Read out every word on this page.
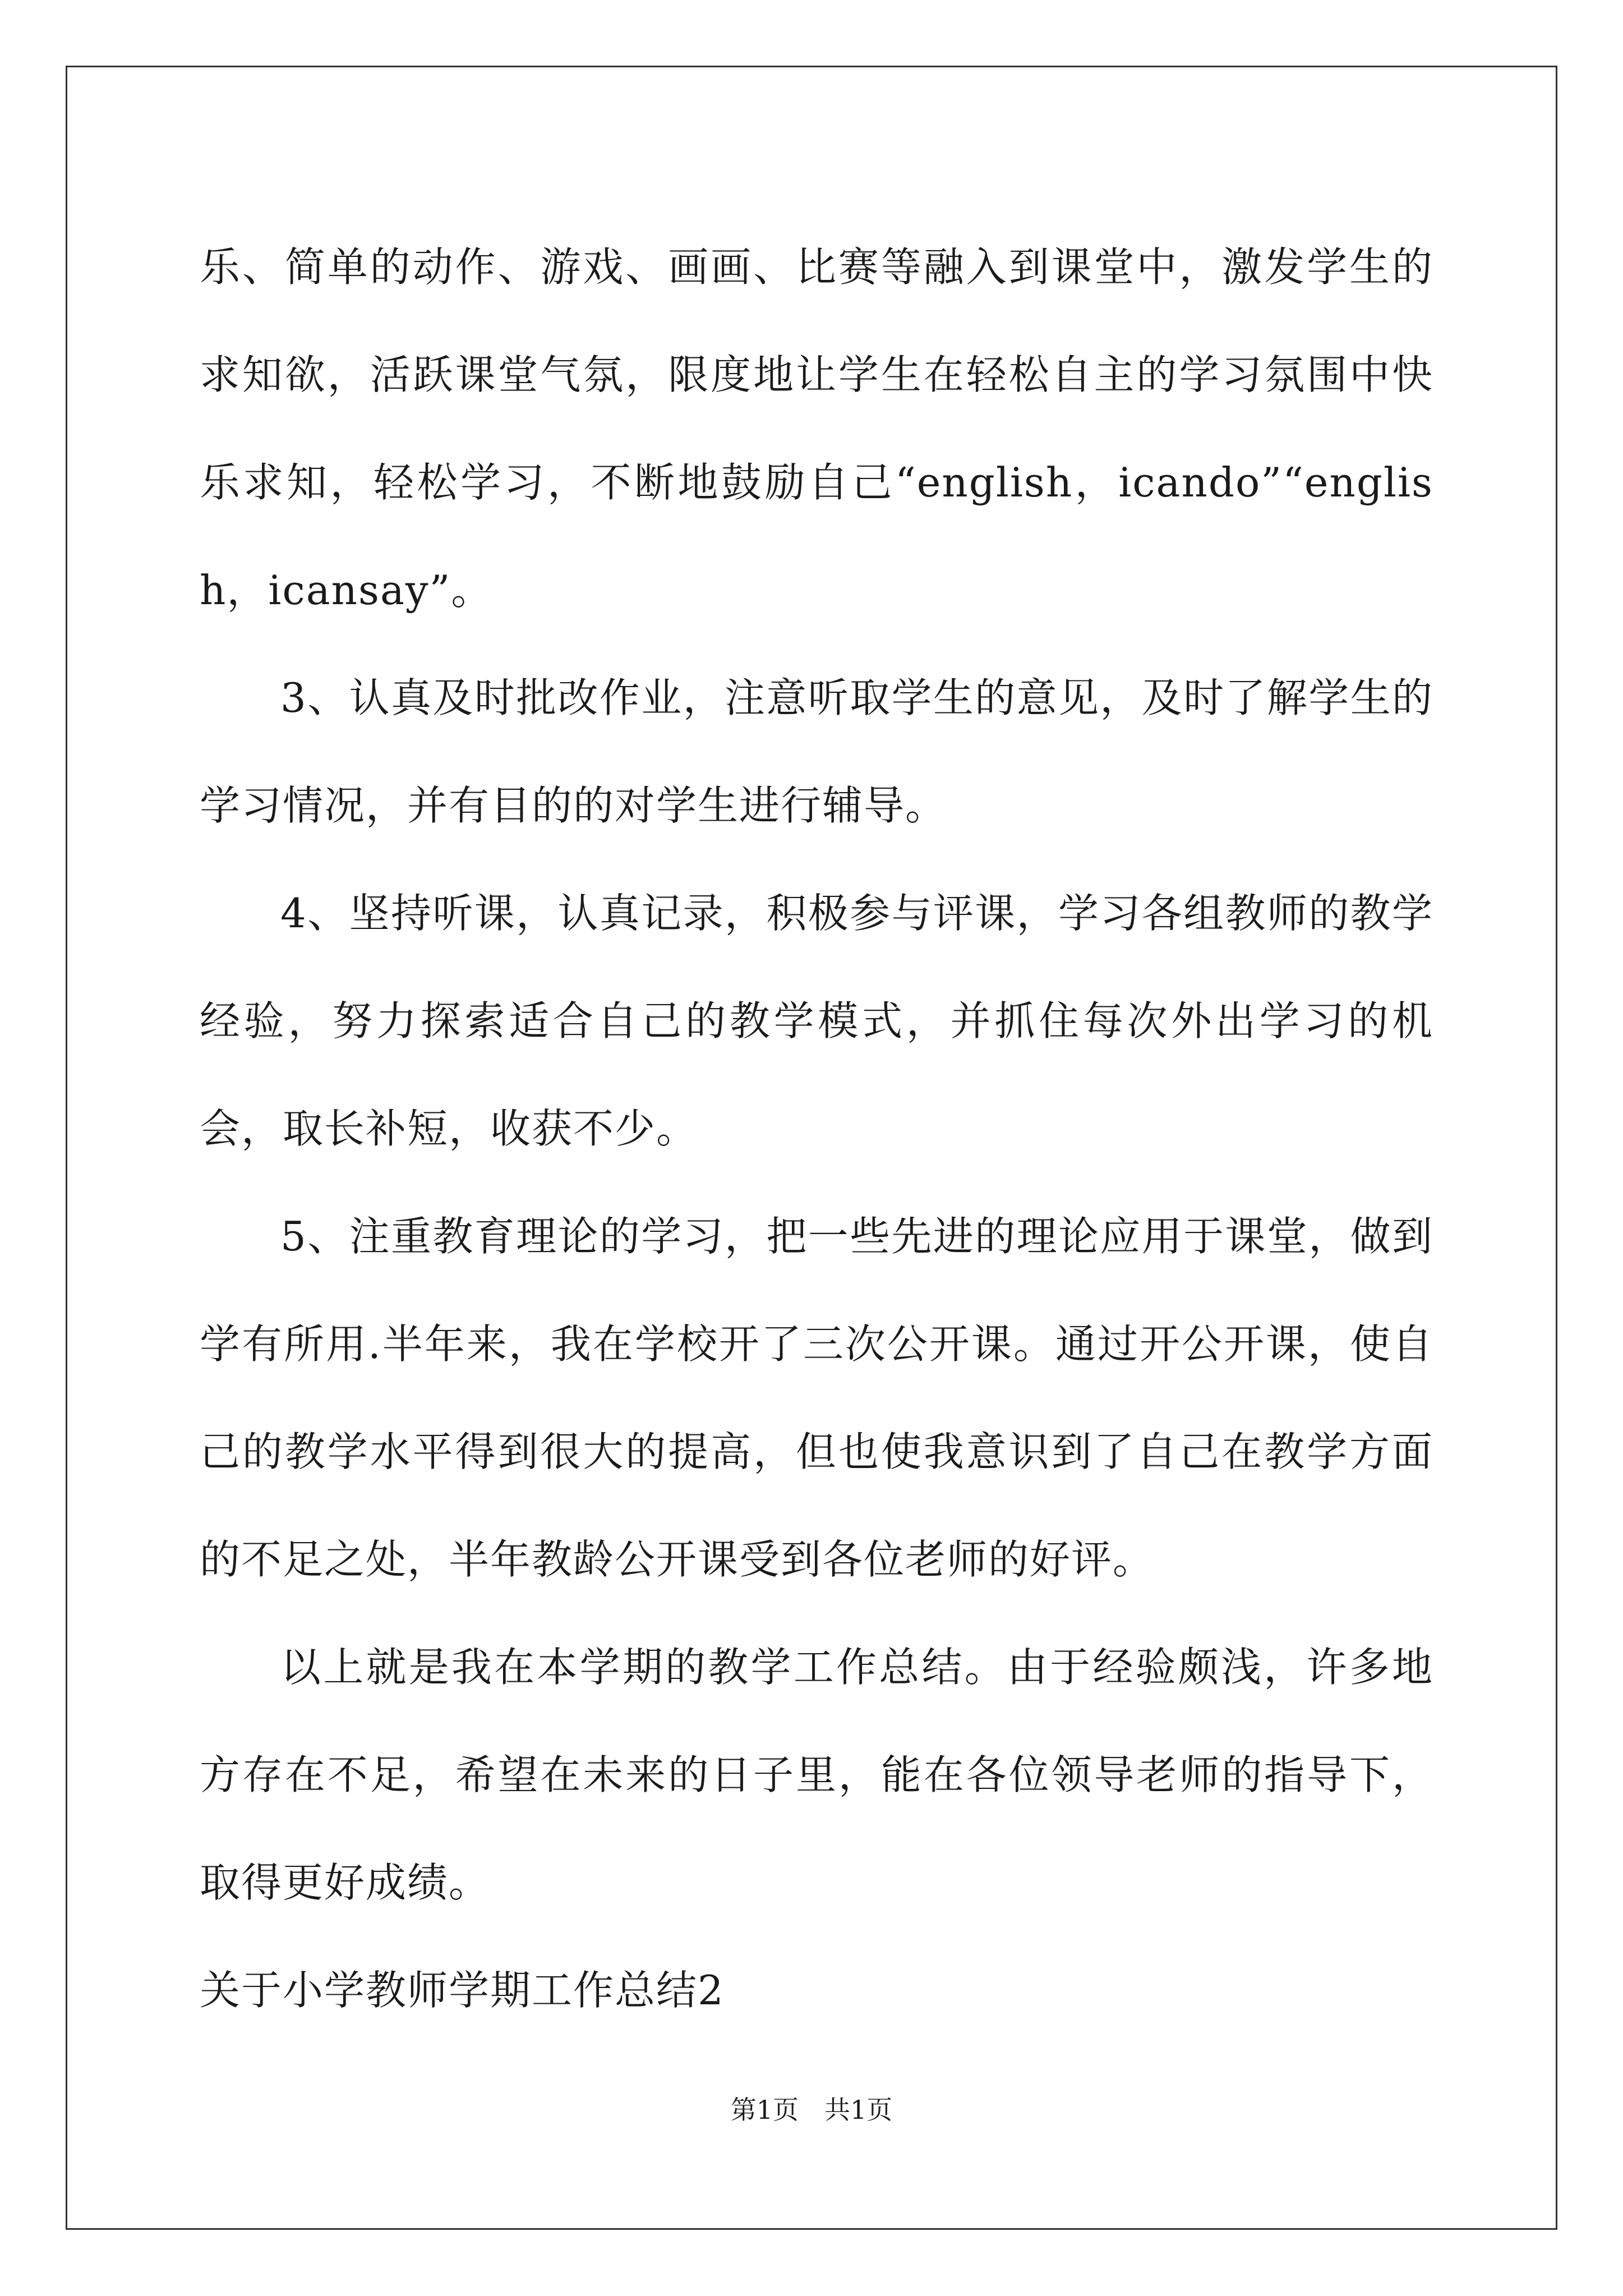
乐、简单的动作、游戏、画画、比赛等融入到课堂中，激发学生的求知欲，活跃课堂气氛，限度地让学生在轻松自主的学习氛围中快乐求知，轻松学习，不断地鼓励自己“english，icando”“english，icansay”。

3、认真及时批改作业，注意听取学生的意见，及时了解学生的学习情况，并有目的的对学生进行辅导。

4、坚持听课，认真记录，积极参与评课，学习各组教师的教学经验，努力探索适合自己的教学模式，并抓住每次外出学习的机会，取长补短，收获不少。

5、注重教育理论的学习，把一些先进的理论应用于课堂，做到学有所用.半年来，我在学校开了三次公开课。通过开公开课，使自己的教学水平得到很大的提高，但也使我意识到了自己在教学方面的不足之处，半年教龄公开课受到各位老师的好评。

以上就是我在本学期的教学工作总结。由于经验颇浅，许多地方存在不足，希望在未来的日子里，能在各位领导老师的指导下，取得更好成绩。

关于小学教师学期工作总结2

第1页　共1页
